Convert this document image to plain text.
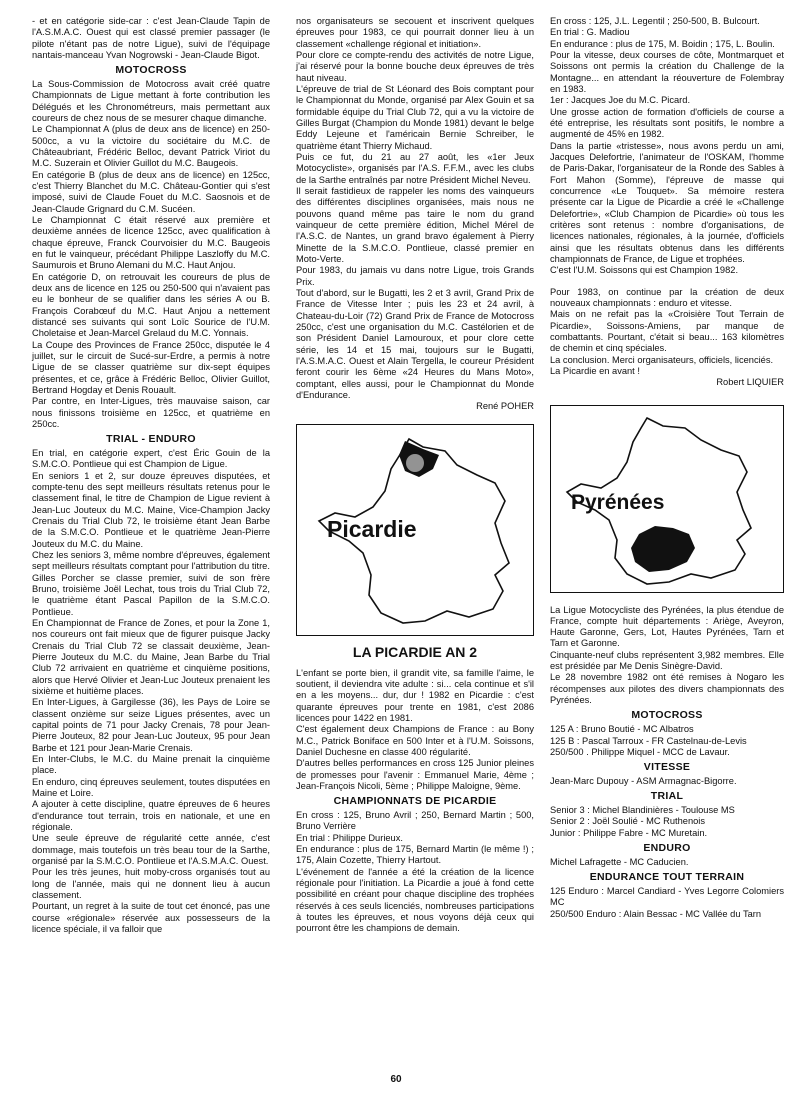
- et en catégorie side-car : c'est Jean-Claude Tapin de l'A.S.M.A.C. Ouest qui est classé premier passager (le pilote n'étant pas de notre Ligue), suivi de l'équipage nantais-manceau Yvan Nogrowski - Jean-Claude Bigot.

MOTOCROSS

La Sous-Commission de Motocross avait créé quatre Championnats de Ligue mettant à forte contribution les Délégués et les Chronométreurs, mais permettant aux coureurs de chez nous de se mesurer chaque dimanche.

Le Championnat A (plus de deux ans de licence) en 250-500cc, a vu la victoire du sociétaire du M.C. de Châteaubriant, Frédéric Belloc, devant Patrick Viriot du M.C. Suzerain et Olivier Guillot du M.C. Baugeois.

En catégorie B (plus de deux ans de licence) en 125cc, c'est Thierry Blanchet du M.C. Château-Gontier qui s'est imposé, suivi de Claude Fouet du M.C. Saosnois et de Jean-Claude Grignard du C.M. Sucéen.

Le Championnat C était réservé aux première et deuxième années de licence 125cc, avec qualification à chaque épreuve, Franck Courvoisier du M.C. Baugeois en fut le vainqueur, précédant Philippe Laszloffy du M.C. Saumurois et Bruno Alemani du M.C. Haut Anjou.

En catégorie D, on retrouvait les coureurs de plus de deux ans de licence en 125 ou 250-500 qui n'avaient pas eu le bonheur de se qualifier dans les séries A ou B. François Corabœuf du M.C. Haut Anjou a nettement distancé ses suivants qui sont Loïc Sourice de l'U.M. Choletaise et Jean-Marcel Grelaud du M.C. Yonnais.

La Coupe des Provinces de France 250cc, disputée le 4 juillet, sur le circuit de Sucé-sur-Erdre, a permis à notre Ligue de se classer quatrième sur dix-sept équipes présentes, et ce, grâce à Frédéric Belloc, Olivier Guillot, Bertrand Hogday et Denis Rouault.

Par contre, en Inter-Ligues, très mauvaise saison, car nous finissons troisième en 125cc, et quatrième en 250cc.

TRIAL - ENDURO

En trial, en catégorie expert, c'est Éric Gouin de la S.M.C.O. Pontlieue qui est Champion de Ligue.

En seniors 1 et 2, sur douze épreuves disputées, et compte-tenu des sept meilleurs résultats retenus pour le classement final, le titre de Champion de Ligue revient à Jean-Luc Jouteux du M.C. Maine, Vice-Champion Jacky Crenais du Trial Club 72, le troisième étant Jean Barbe de la S.M.C.O. Pontlieue et le quatrième Jean-Pierre Jouteux du M.C. du Maine.

Chez les seniors 3, même nombre d'épreuves, également sept meilleurs résultats comptant pour l'attribution du titre.

Gilles Porcher se classe premier, suivi de son frère Bruno, troisième Joël Lechat, tous trois du Trial Club 72, le quatrième étant Pascal Papillon de la S.M.C.O. Pontlieue.

En Championnat de France de Zones, et pour la Zone 1, nos coureurs ont fait mieux que de figurer puisque Jacky Crenais du Trial Club 72 se classait deuxième, Jean-Pierre Jouteux du M.C. du Maine, Jean Barbe du Trial Club 72 arrivaient en quatrième et cinquième positions, alors que Hervé Olivier et Jean-Luc Jouteux prenaient les sixième et huitième places.

En Inter-Ligues, à Gargilesse (36), les Pays de Loire se classent onzième sur seize Ligues présentes, avec un capital points de 71 pour Jacky Crenais, 78 pour Jean-Pierre Jouteux, 82 pour Jean-Luc Jouteux, 95 pour Jean Barbe et 121 pour Jean-Marie Crenais.

En Inter-Clubs, le M.C. du Maine prenait la cinquième place.

En enduro, cinq épreuves seulement, toutes disputées en Maine et Loire.

A ajouter à cette discipline, quatre épreuves de 6 heures d'endurance tout terrain, trois en nationale, et une en régionale.

Une seule épreuve de régularité cette année, c'est dommage, mais toutefois un très beau tour de la Sarthe, organisé par la S.M.C.O. Pontlieue et l'A.S.M.A.C. Ouest.

Pour les très jeunes, huit moby-cross organisés tout au long de l'année, mais qui ne donnent lieu à aucun classement.

Pourtant, un regret à la suite de tout cet énoncé, pas une course «régionale» réservée aux possesseurs de la licence spéciale, il va falloir que

nos organisateurs se secouent et inscrivent quelques épreuves pour 1983, ce qui pourrait donner lieu à un classement «challenge régional et initiation».

Pour clore ce compte-rendu des activités de notre Ligue, j'ai réservé pour la bonne bouche deux épreuves de très haut niveau.

L'épreuve de trial de St Léonard des Bois comptant pour le Championnat du Monde, organisé par Alex Gouin et sa formidable équipe du Trial Club 72, qui a vu la victoire de Gilles Burgat (Champion du Monde 1981) devant le belge Eddy Lejeune et l'américain Bernie Schreiber, le quatrième étant Thierry Michaud.

Puis ce fut, du 21 au 27 août, les «1er Jeux Motocycliste», organisés par l'A.S. F.F.M., avec les clubs de la Sarthe entraînés par notre Président Michel Neveu.

Il serait fastidieux de rappeler les noms des vainqueurs des différentes disciplines organisées, mais nous ne pouvons quand même pas taire le nom du grand vainqueur de cette première édition, Michel Mérel de l'A.S.C. de Nantes, un grand bravo également à Pierry Minette de la S.M.C.O. Pontlieue, classé premier en Moto-Verte.

Pour 1983, du jamais vu dans notre Ligue, trois Grands Prix.

Tout d'abord, sur le Bugatti, les 2 et 3 avril, Grand Prix de France de Vitesse Inter ; puis les 23 et 24 avril, à Chateau-du-Loir (72) Grand Prix de France de Motocross 250cc, c'est une organisation du M.C. Castélorien et de son Président Daniel Lamouroux, et pour clore cette série, les 14 et 15 mai, toujours sur le Bugatti, l'A.S.M.A.C. Ouest et Alain Tergella, le coureur Président feront courir les 6ème «24 Heures du Mans Moto», comptant, elles aussi, pour le Championnat du Monde d'Endurance.

René POHER

Picardie
LA PICARDIE AN 2

L'enfant se porte bien, il grandit vite, sa famille l'aime, le soutient, il deviendra vite adulte : si... cela continue et s'il en a les moyens... dur, dur ! 1982 en Picardie : c'est quarante épreuves pour trente en 1981, c'est 2086 licences pour 1422 en 1981.

C'est également deux Champions de France : au Bony M.C., Patrick Boniface en 500 Inter et à l'U.M. Soissons, Daniel Duchesne en classe 400 régularité.

D'autres belles performances en cross 125 Junior pleines de promesses pour l'avenir : Emmanuel Marie, 4ème ; Jean-François Nicoli, 5ème ; Philippe Maloigne, 9ème.

CHAMPIONNATS DE PICARDIE

En cross : 125, Bruno Avril ; 250, Bernard Martin ; 500, Bruno Verrière

En trial : Philippe Durieux.

En endurance : plus de 175, Bernard Martin (le même !) ; 175, Alain Cozette, Thierry Hartout.

L'événement de l'année a été la création de la licence régionale pour l'initiation. La Picardie a joué à fond cette possibilité en créant pour chaque discipline des trophées réservés à ces seuls licenciés, nombreuses participations à toutes les épreuves, et nous voyons déjà ceux qui pourront être les champions de demain.

En cross : 125, J.L. Legentil ; 250-500, B. Bulcourt.

En trial : G. Madiou

En endurance : plus de 175, M. Boidin ; 175, L. Boulin.

Pour la vitesse, deux courses de côte, Montmarquet et Soissons ont permis la création du Challenge de la Montagne... en attendant la réouverture de Folembray en 1983.

1er : Jacques Joe du M.C. Picard.

Une grosse action de formation d'officiels de course a été entreprise, les résultats sont positifs, le nombre a augmenté de 45% en 1982.

Dans la partie «tristesse», nous avons perdu un ami, Jacques Delefortrie, l'animateur de l'OSKAM, l'homme de Paris-Dakar, l'organisateur de la Ronde des Sables à Fort Mahon (Somme), l'épreuve de masse qui concurrence «Le Touquet». Sa mémoire restera présente car la Ligue de Picardie a créé le «Challenge Delefortrie», «Club Champion de Picardie» où tous les critères sont retenus : nombre d'organisations, de licences nationales, régionales, à la journée, d'officiels ainsi que les résultats obtenus dans les différents championnats de France, de Ligue et trophées.

C'est l'U.M. Soissons qui est Champion 1982.

Pour 1983, on continue par la création de deux nouveaux championnats : enduro et vitesse.

Mais on ne refait pas la «Croisière Tout Terrain de Picardie», Soissons-Amiens, par manque de combattants. Pourtant, c'était si beau... 163 kilomètres de chemin et cinq spéciales.

La conclusion. Merci organisateurs, officiels, licenciés.

La Picardie en avant !

Robert LIQUIER

Pyrénées

La Ligue Motocycliste des Pyrénées, la plus étendue de France, compte huit départements : Ariège, Aveyron, Haute Garonne, Gers, Lot, Hautes Pyrénées, Tarn et Tarn et Garonne.

Cinquante-neuf clubs représentent 3,982 membres. Elle est présidée par Me Denis Sinègre-David.

Le 28 novembre 1982 ont été remises à Nogaro les récompenses aux pilotes des divers championnats des Pyrénées.

MOTOCROSS

125 A : Bruno Boutié - MC Albatros

125 B : Pascal Tarroux - FR Castelnau-de-Levis

250/500 . Philippe Miquel - MCC de Lavaur.

VITESSE

Jean-Marc Dupouy - ASM Armagnac-Bigorre.

TRIAL

Senior 3 : Michel Blandinières - Toulouse MS

Senior 2 : Joël Soulié - MC Ruthenois

Junior : Philippe Fabre - MC Muretain.

ENDURO

Michel Lafragette - MC Caducien.

ENDURANCE TOUT TERRAIN

125 Enduro : Marcel Candiard - Yves Legorre Colomiers MC

250/500 Enduro : Alain Bessac - MC Vallée du Tarn

60
